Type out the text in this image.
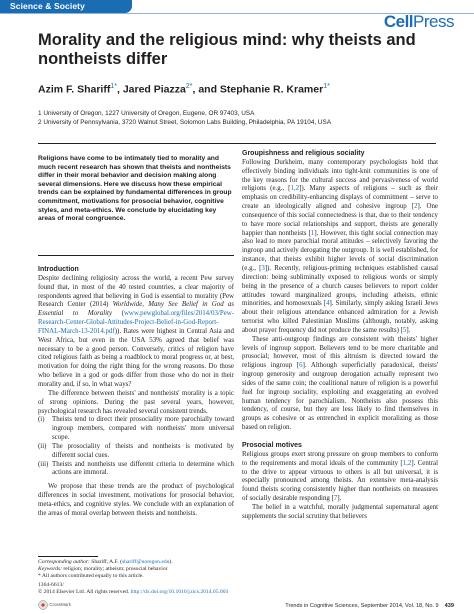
Science & Society
CellPress
Morality and the religious mind: why theists and nontheists differ
Azim F. Shariff$^{1*}$, Jared Piazza$^{2*}$, and Stephanie R. Kramer$^{1*}$
1 University of Oregon, 1227 University of Oregon, Eugene, OR 97403, USA
2 University of Pennsylvania, 3720 Walnut Street, Solomon Labs Building, Philadelphia, PA 19104, USA
Religions have come to be intimately tied to morality and much recent research has shown that theists and nontheists differ in their moral behavior and decision making along several dimensions. Here we discuss how these empirical trends can be explained by fundamental differences in group commitment, motivations for prosocial behavior, cognitive styles, and meta-ethics. We conclude by elucidating key areas of moral congruence.
Introduction

Despite declining religiosity across the world, a recent Pew survey found that, in most of the 40 tested countries, a clear majority of respondents agreed that believing in God is essential to morality (Pew Research Center (2014) Worldwide, Many See Belief in God as Essential to Morality (www.pewglobal.org/files/2014/03/Pew-Research-Center-Global-Attitudes-Project-Belief-in-God-Report-FINAL-March-13-2014.pdf)). Rates were highest in Central Asia and West Africa, but even in the USA 53% agreed that belief was necessary to be a good person. Conversely, critics of religion have cited religious faith as being a roadblock to moral progress or, at best, motivation for doing the right thing for the wrong reasons. Do those who believe in a god or gods differ from those who do not in their morality and, if so, in what ways?

The difference between theists' and nontheists' morality is a topic of strong opinions. During the past several years, however, psychological research has revealed several consistent trends.

(i)	Theists tend to direct their prosociality more parochially toward ingroup members, compared with nontheists' more universal scope.
(ii) The prosociality of theists and nontheists is motivated by different social cues.
(iii) Theists and nontheists use different criteria to determine which actions are immoral.

We propose that these trends are the product of psychological differences in social investment, motivations for prosocial behavior, meta-ethics, and cognitive styles. We conclude with an explanation of the areas of moral overlap between theists and nontheists.

Corresponding author: Shariff, A.F. (shariff@uoregon.edu).
Keywords: religion; morality; atheism; prosocial behavior
* All authors contributed equally to this article.
1364-6613/
© 2014 Elsevier Ltd. All rights reserved. http://dx.doi.org/10.1016/j.tics.2014.05.003
CrossMark
Groupishness and religious sociality

Following Durkheim, many contemporary psychologists hold that effectively binding individuals into tight-knit communities is one of the key reasons for the cultural success and pervasiveness of world religions (e.g., [1,2]). Many aspects of religions – such as their emphasis on credibility-enhancing displays of commitment – serve to create an ideologically aligned and cohesive ingroup [2]. One consequence of this social connectedness is that, due to their tendency to have more social relationships and support, theists are generally happier than nontheists [1]. However, this tight social connection may also lead to more parochial moral attitudes – selectively favoring the ingroup and actively derogating the outgroup. It is well established, for instance, that theists exhibit higher levels of social discrimination (e.g., [3]). Recently, religious-priming techniques established causal direction: being subliminally exposed to religious words or simply being in the presence of a church causes believers to report colder attitudes toward marginalized groups, including atheists, ethnic minorities, and homosexuals [4]. Similarly, simply asking Israeli Jews about their religious attendance enhanced admiration for a Jewish terrorist who killed Palestinian Muslims (although, notably, asking about prayer frequency did not produce the same results) [5].

These anti-outgroup findings are consistent with theists' higher levels of ingroup support. Believers tend to be more charitable and prosocial; however, most of this altruism is directed toward the religious ingroup [6]. Although superficially paradoxical, theists' ingroup generosity and outgroup derogation actually represent two sides of the same coin; the coalitional nature of religion is a powerful fuel for ingroup sociality, exploiting and exaggerating an evolved human tendency for parochialism. Nontheists also possess this tendency, of course, but they are less likely to find themselves in groups as cohesive or as entrenched in explicit moralizing as those based on religion.

Prosocial motives

Religious groups exert strong pressure on group members to conform to the requirements and moral ideals of the community [1,2]. Central to the drive to appear virtuous to others is all but universal, it is especially pronounced among theists. An extensive meta-analysis found theists scoring consistently higher than nontheists on measures of socially desirable responding [7].

The belief in a watchful, morally judgmental supernatural agent supplements the social scrutiny that believers

Trends in Cognitive Sciences, September 2014, Vol. 18, No. 9 439
